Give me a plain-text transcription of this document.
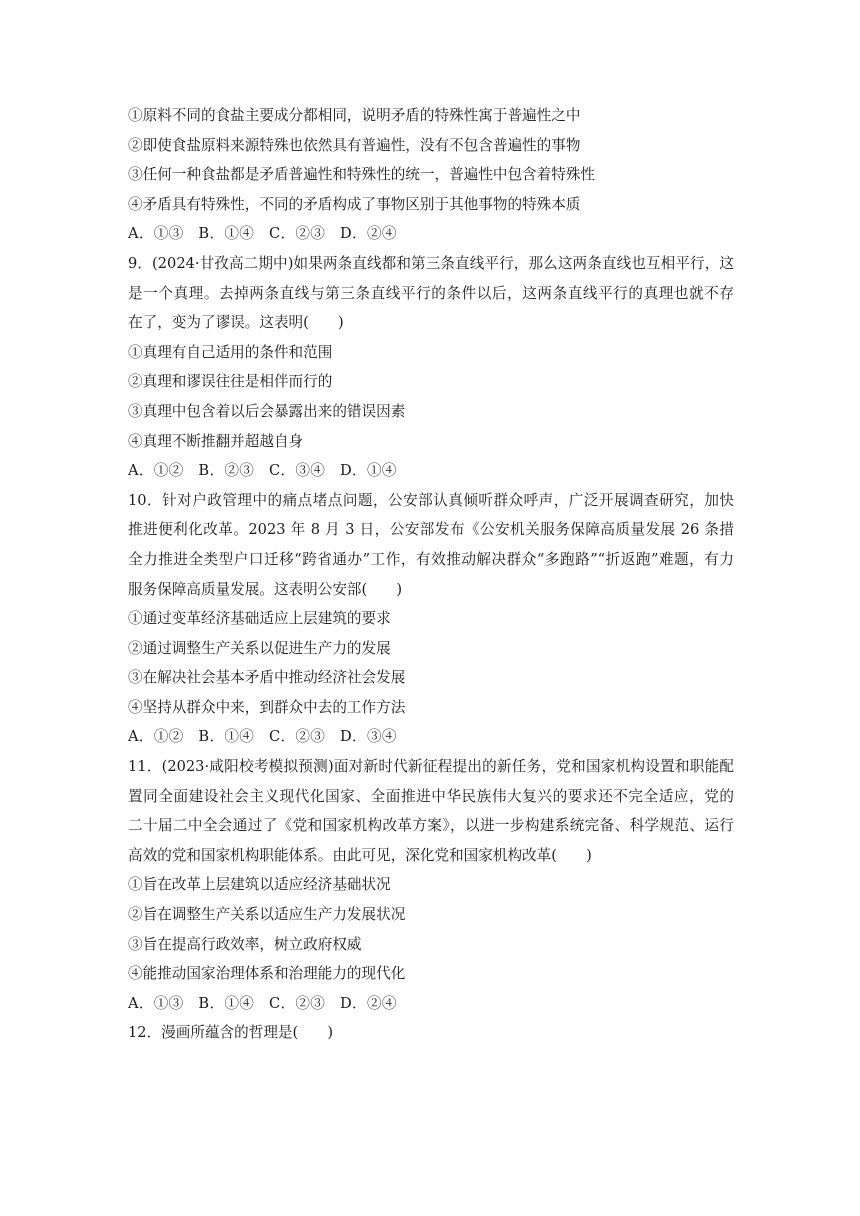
①原料不同的食盐主要成分都相同，说明矛盾的特殊性寓于普遍性之中
②即使食盐原料来源特殊也依然具有普遍性，没有不包含普遍性的事物
③任何一种食盐都是矛盾普遍性和特殊性的统一，普遍性中包含着特殊性
④矛盾具有特殊性，不同的矛盾构成了事物区别于其他事物的特殊本质
A．①③　B．①④　C．②③　D．②④
9．(2024·甘孜高二期中)如果两条直线都和第三条直线平行，那么这两条直线也互相平行，这
是一个真理。去掉两条直线与第三条直线平行的条件以后，这两条直线平行的真理也就不存
在了，变为了谬误。这表明(　　)
①真理有自己适用的条件和范围
②真理和谬误往往是相伴而行的
③真理中包含着以后会暴露出来的错误因素
④真理不断推翻并超越自身
A．①②　B．②③　C．③④　D．①④
10．针对户政管理中的痛点堵点问题，公安部认真倾听群众呼声，广泛开展调查研究，加快
推进便利化改革。2023 年 8 月 3 日，公安部发布《公安机关服务保障高质量发展 26 条措
全力推进全类型户口迁移“跨省通办”工作，有效推动解决群众“多跑路”“折返跑”难题，有力
服务保障高质量发展。这表明公安部(　　)
①通过变革经济基础适应上层建筑的要求
②通过调整生产关系以促进生产力的发展
③在解决社会基本矛盾中推动经济社会发展
④坚持从群众中来，到群众中去的工作方法
A．①②　B．①④　C．②③　D．③④
11．(2023·咸阳校考模拟预测)面对新时代新征程提出的新任务，党和国家机构设置和职能配
置同全面建设社会主义现代化国家、全面推进中华民族伟大复兴的要求还不完全适应，党的
二十届二中全会通过了《党和国家机构改革方案》，以进一步构建系统完备、科学规范、运行
高效的党和国家机构职能体系。由此可见，深化党和国家机构改革(　　)
①旨在改革上层建筑以适应经济基础状况
②旨在调整生产关系以适应生产力发展状况
③旨在提高行政效率，树立政府权威
④能推动国家治理体系和治理能力的现代化
A．①③　B．①④　C．②③　D．②④
12．漫画所蕴含的哲理是(　　)
